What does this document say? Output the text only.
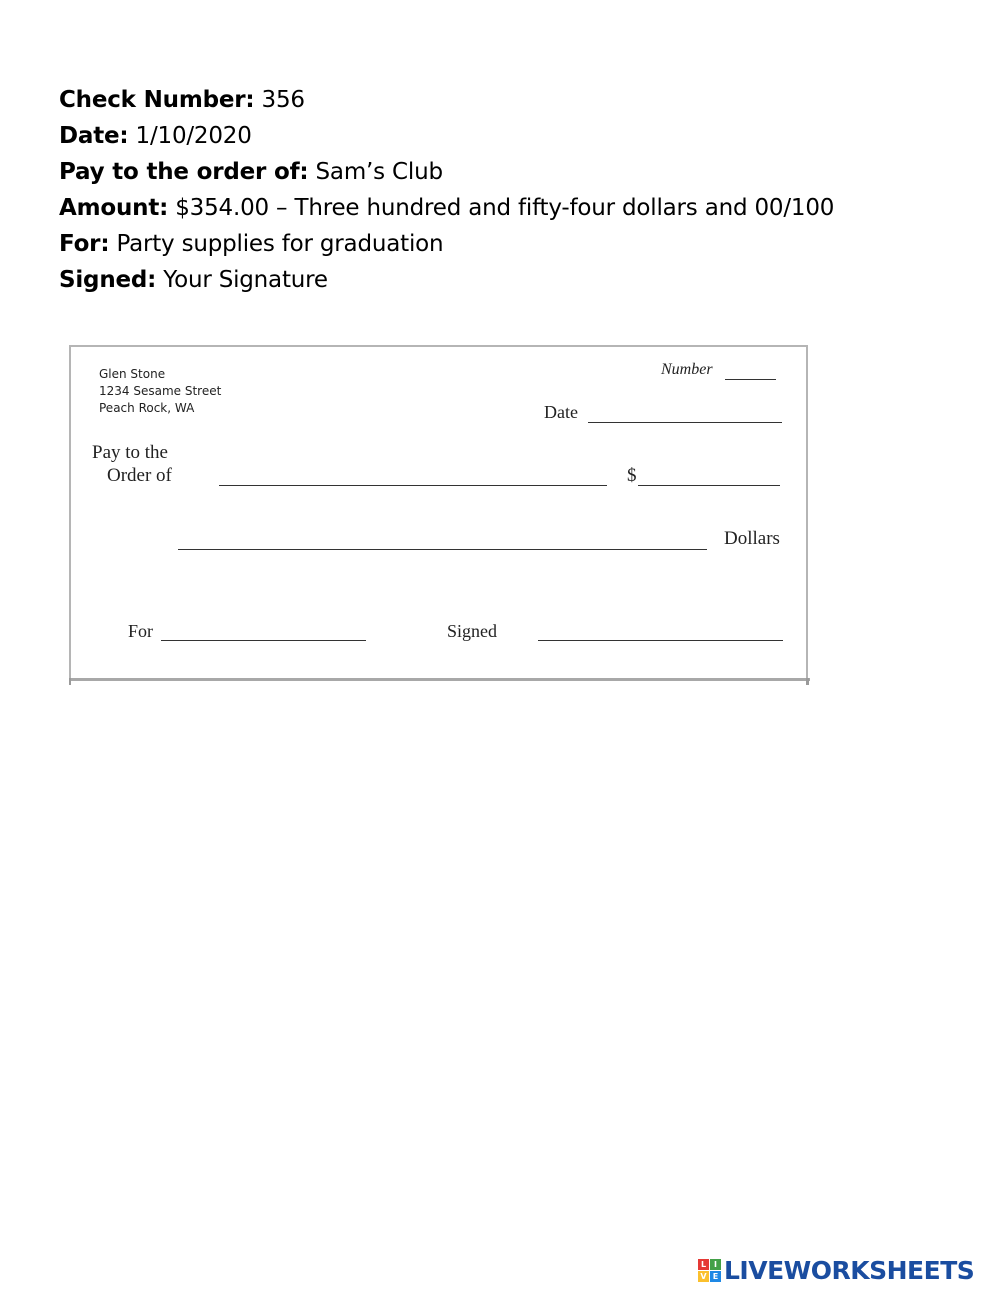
Check Number: 356
Date: 1/10/2020
Pay to the order of: Sam’s Club
Amount: $354.00 – Three hundred and fifty-four dollars and 00/100
For: Party supplies for graduation
Signed: Your Signature
Glen Stone
1234 Sesame Street
Peach Rock, WA
Number
Date
Pay to the
Order of	$
Dollars
For	Signed
L I
V E LIVEWORKSHEETS
